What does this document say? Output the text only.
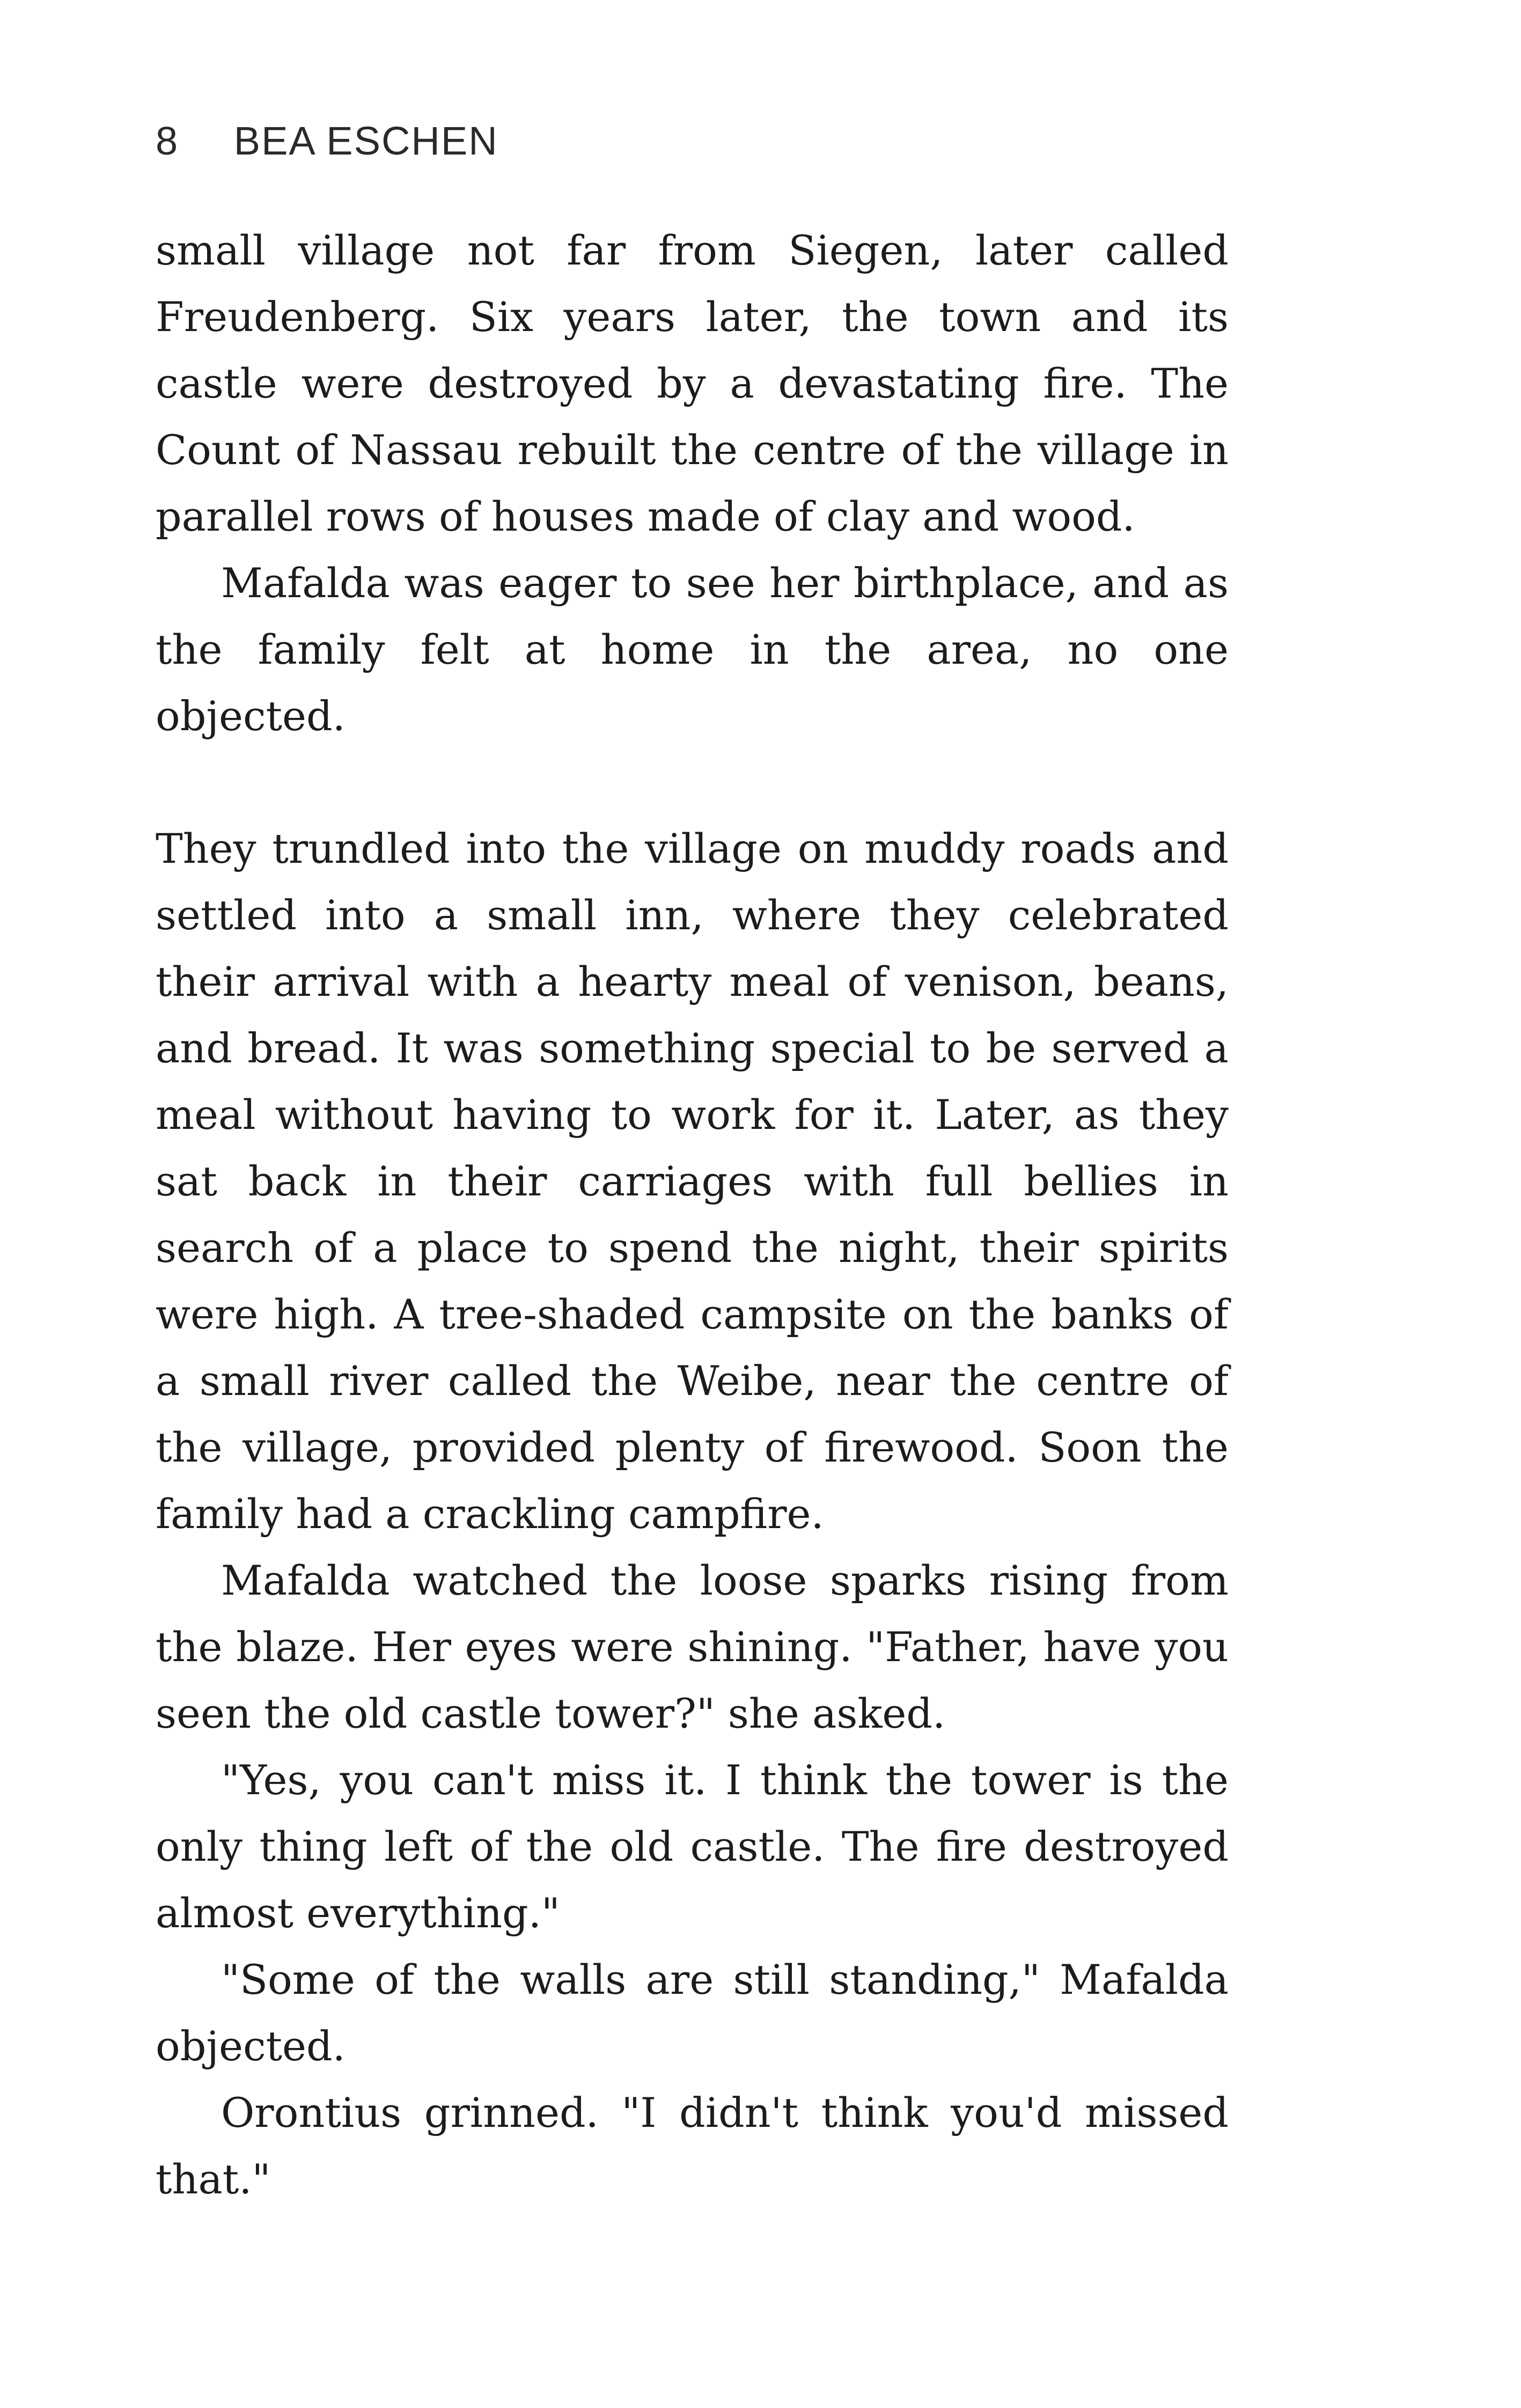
8 BEA ESCHEN

small village not far from Siegen, later called Freudenberg. Six years later, the town and its castle were destroyed by a devastating fire. The Count of Nassau rebuilt the centre of the village in parallel rows of houses made of clay and wood.

Mafalda was eager to see her birthplace, and as the family felt at home in the area, no one objected.

They trundled into the village on muddy roads and settled into a small inn, where they celebrated their arrival with a hearty meal of venison, beans, and bread. It was something special to be served a meal without having to work for it. Later, as they sat back in their carriages with full bellies in search of a place to spend the night, their spirits were high. A tree-shaded campsite on the banks of a small river called the Weibe, near the centre of the village, provided plenty of firewood. Soon the family had a crackling campfire.

Mafalda watched the loose sparks rising from the blaze. Her eyes were shining. "Father, have you seen the old castle tower?" she asked.

"Yes, you can't miss it. I think the tower is the only thing left of the old castle. The fire destroyed almost everything."

"Some of the walls are still standing," Mafalda objected.

Orontius grinned. "I didn't think you'd missed that."
